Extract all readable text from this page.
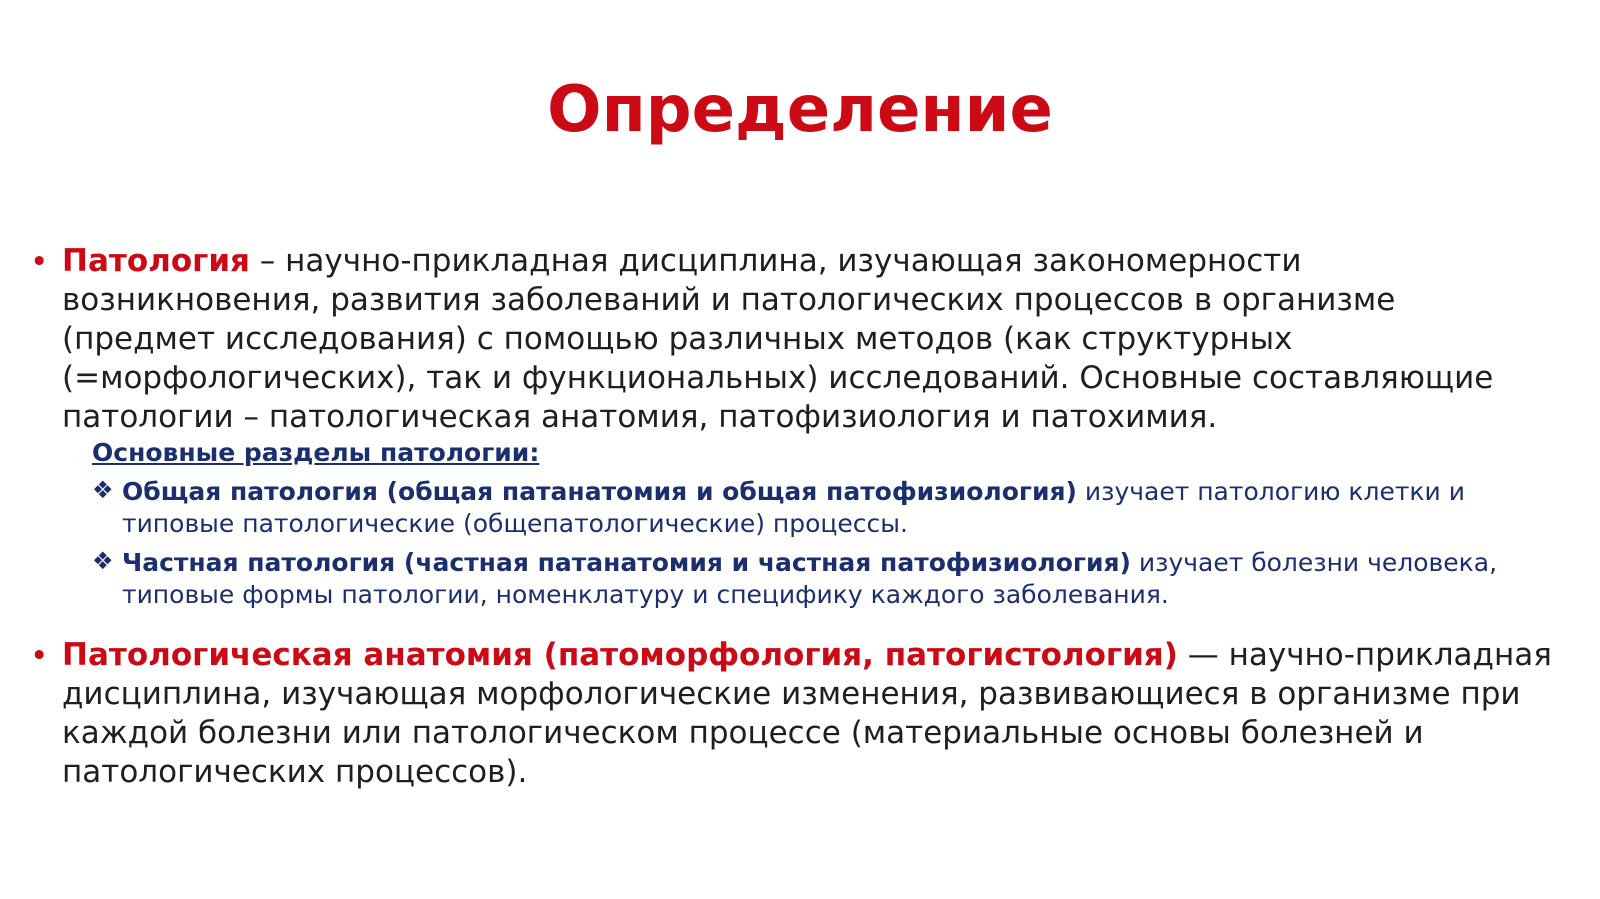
Определение
• Патология – научно-прикладная дисциплина, изучающая закономерности возникновения, развития заболеваний и патологических процессов в организме (предмет исследования) с помощью различных методов (как структурных (=морфологических), так и функциональных) исследований. Основные составляющие патологии – патологическая анатомия, патофизиология и патохимия.
Основные разделы патологии:
❖ Общая патология (общая патанатомия и общая патофизиология) изучает патологию клетки и типовые патологические (общепатологические) процессы.
❖ Частная патология (частная патанатомия и частная патофизиология) изучает болезни человека, типовые формы патологии, номенклатуру и специфику каждого заболевания.
• Патологическая анатомия (патоморфология, патогистология) — научно-прикладная дисциплина, изучающая морфологические изменения, развивающиеся в организме при каждой болезни или патологическом процессе (материальные основы болезней и патологических процессов).
